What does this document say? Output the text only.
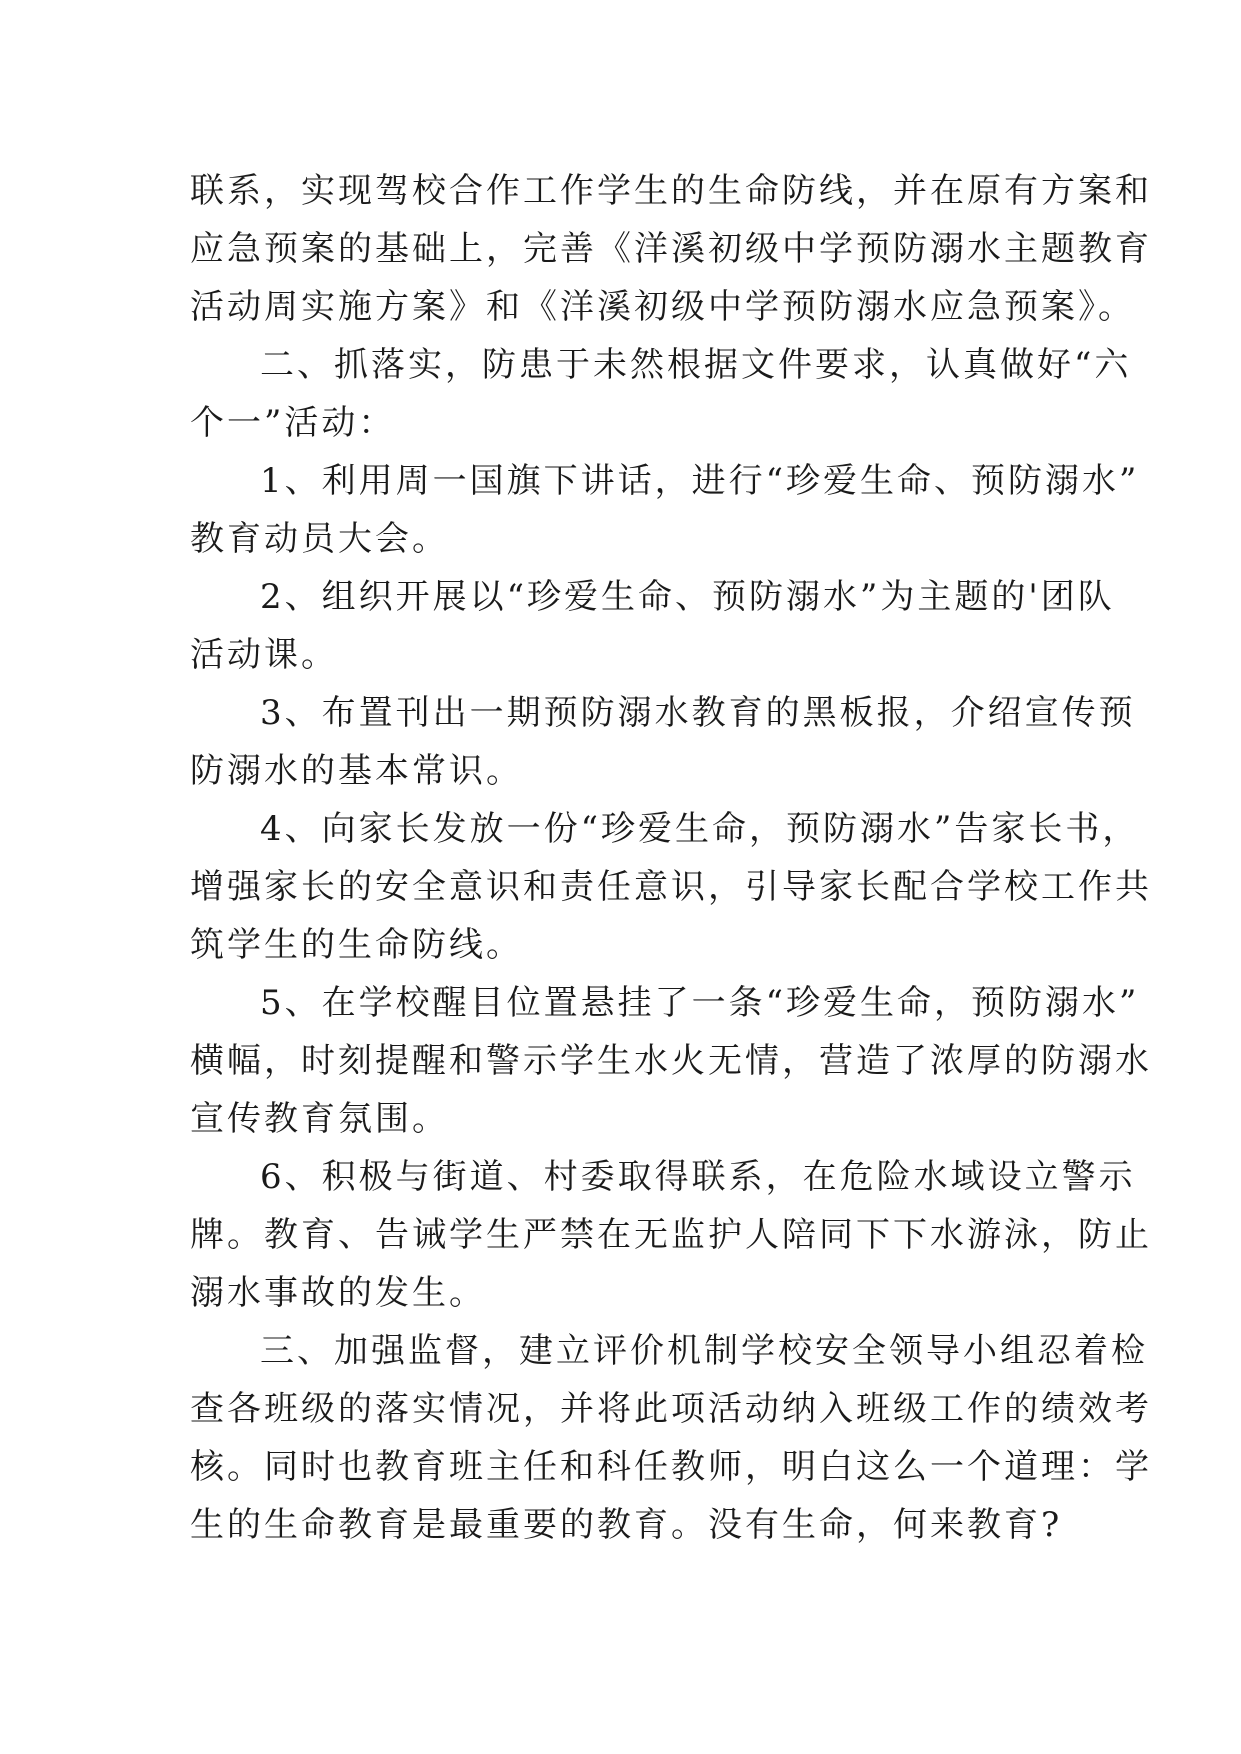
联系，实现驾校合作工作学生的生命防线，并在原有方案和
应急预案的基础上，完善《洋溪初级中学预防溺水主题教育
活动周实施方案》和《洋溪初级中学预防溺水应急预案》。

二、抓落实，防患于未然根据文件要求，认真做好“六
个一”活动：

1、利用周一国旗下讲话，进行“珍爱生命、预防溺水”
教育动员大会。

2、组织开展以“珍爱生命、预防溺水”为主题的'团队
活动课。

3、布置刊出一期预防溺水教育的黑板报，介绍宣传预
防溺水的基本常识。

4、向家长发放一份“珍爱生命，预防溺水”告家长书，
增强家长的安全意识和责任意识，引导家长配合学校工作共
筑学生的生命防线。

5、在学校醒目位置悬挂了一条“珍爱生命，预防溺水”
横幅，时刻提醒和警示学生水火无情，营造了浓厚的防溺水
宣传教育氛围。

6、积极与街道、村委取得联系，在危险水域设立警示
牌。教育、告诫学生严禁在无监护人陪同下下水游泳，防止
溺水事故的发生。

三、加强监督，建立评价机制学校安全领导小组忍着检
查各班级的落实情况，并将此项活动纳入班级工作的绩效考
核。同时也教育班主任和科任教师，明白这么一个道理：学
生的生命教育是最重要的教育。没有生命，何来教育?
